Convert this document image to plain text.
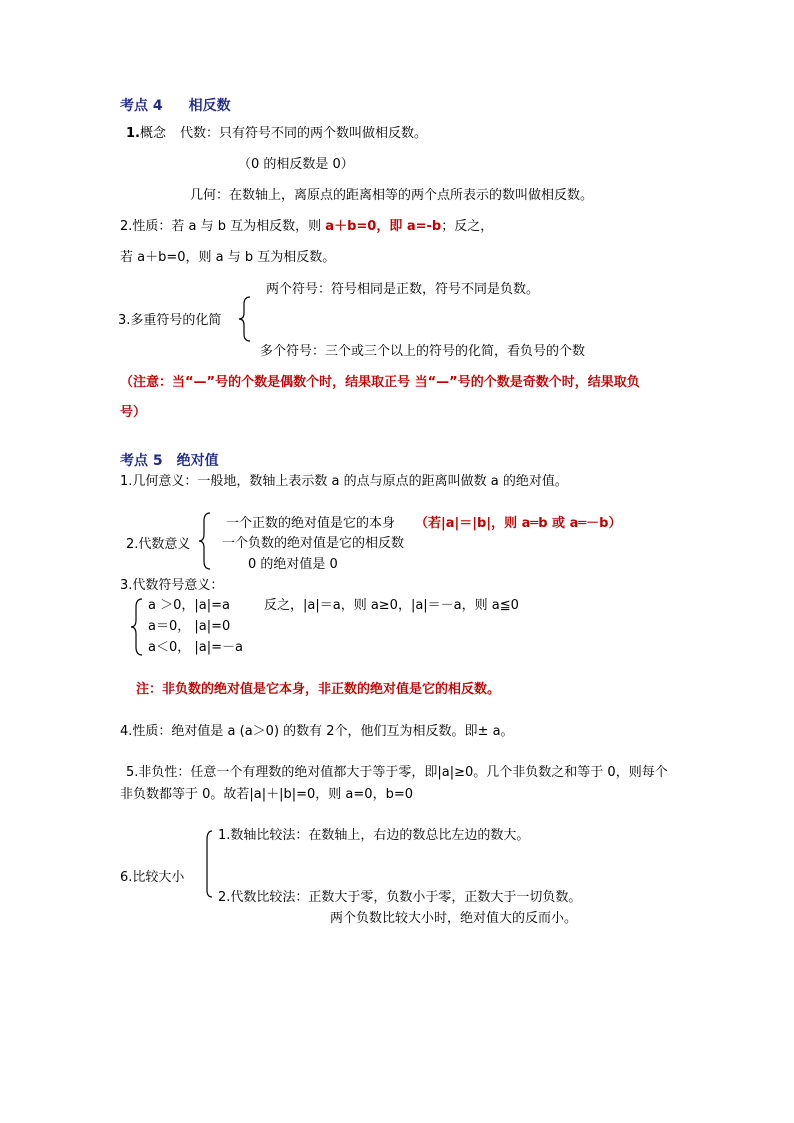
考点 4 相反数
1.概念 代数：只有符号不同的两个数叫做相反数。
（0 的相反数是 0）
几何：在数轴上，离原点的距离相等的两个点所表示的数叫做相反数。
2.性质：若 a 与 b 互为相反数，则 a＋b=0，即 a=-b；反之，
若 a＋b=0，则 a 与 b 互为相反数。
两个符号：符号相同是正数，符号不同是负数。
3.多重符号的化简
多个符号：三个或三个以上的符号的化简，看负号的个数
（注意：当“—”号的个数是偶数个时，结果取正号 当“—”号的个数是奇数个时，结果取负
号）
考点 5 绝对值
1.几何意义：一般地，数轴上表示数 a 的点与原点的距离叫做数 a 的绝对值。
一个正数的绝对值是它的本身 （若|a|＝|b|，则 a═b 或 a═－b）
2.代数意义 一个负数的绝对值是它的相反数
0 的绝对值是 0
3.代数符号意义：
a ＞0，|a|=a	反之，|a|＝a，则 a≥0，|a|＝－a，则 a≦0
a＝0， |a|=0
a＜0， |a|=－a
注：非负数的绝对值是它本身，非正数的绝对值是它的相反数。
4.性质：绝对值是 a (a＞0) 的数有 2个，他们互为相反数。即± a。
5.非负性：任意一个有理数的绝对值都大于等于零，即|a|≥0。几个非负数之和等于 0，则每个
非负数都等于 0。故若|a|＋|b|=0，则 a=0，b=0
1.数轴比较法：在数轴上，右边的数总比左边的数大。
6.比较大小
2.代数比较法：正数大于零，负数小于零，正数大于一切负数。
两个负数比较大小时，绝对值大的反而小。
